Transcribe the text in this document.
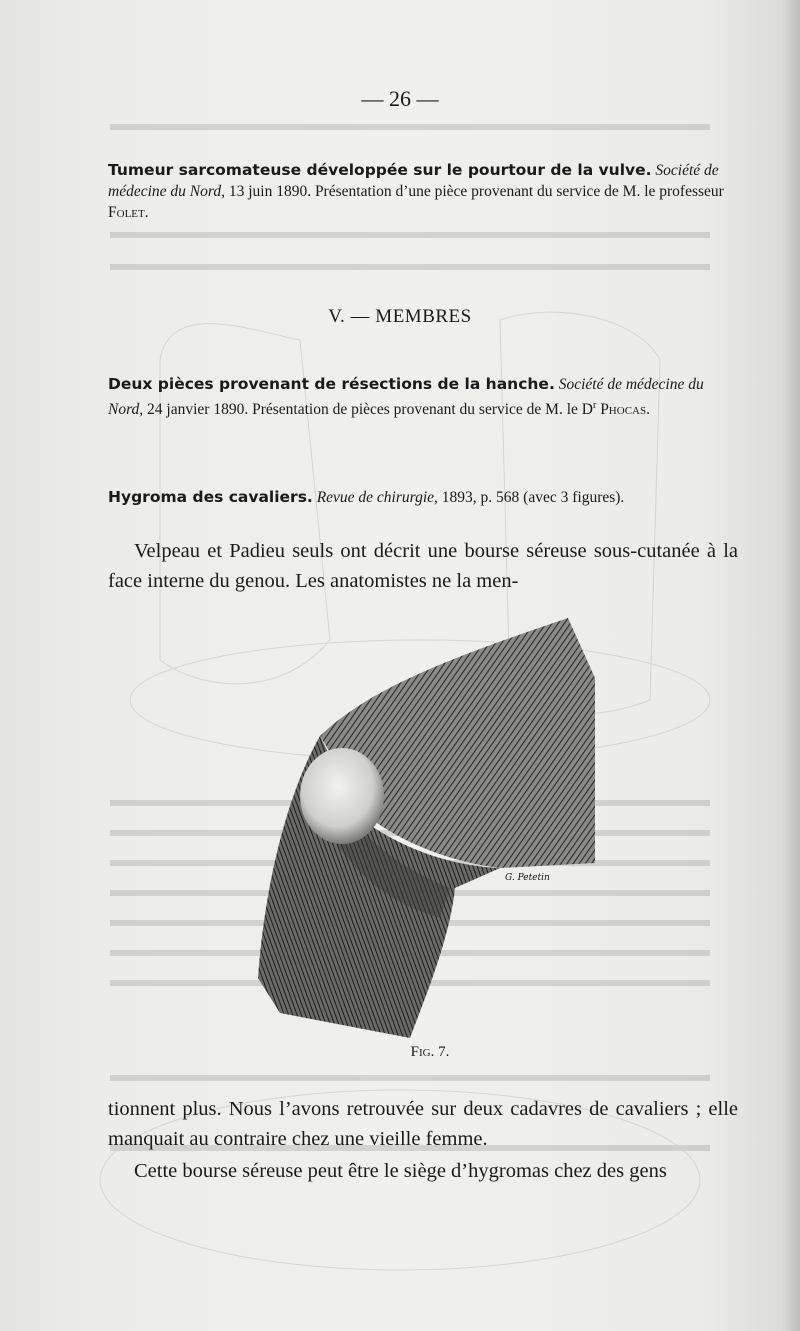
— 26 —
Tumeur sarcomateuse développée sur le pourtour de la vulve. Société de médecine du Nord, 13 juin 1890. Présentation d’une pièce provenant du service de M. le professeur Folet.
V. — MEMBRES
Deux pièces provenant de résections de la hanche. Société de médecine du Nord, 24 janvier 1890. Présentation de pièces provenant du service de M. le $D^r$ Phocas.
Hygroma des cavaliers. Revue de chirurgie, 1893, p. 568 (avec 3 figures).
Velpeau et Padieu seuls ont décrit une bourse séreuse sous-cutanée à la face interne du genou. Les anatomistes ne la men-
G. Petetin
Fig. 7.
tionnent plus. Nous l’avons retrouvée sur deux cadavres de cavaliers ; elle manquait au contraire chez une vieille femme.
Cette bourse séreuse peut être le siège d’hygromas chez des gens
